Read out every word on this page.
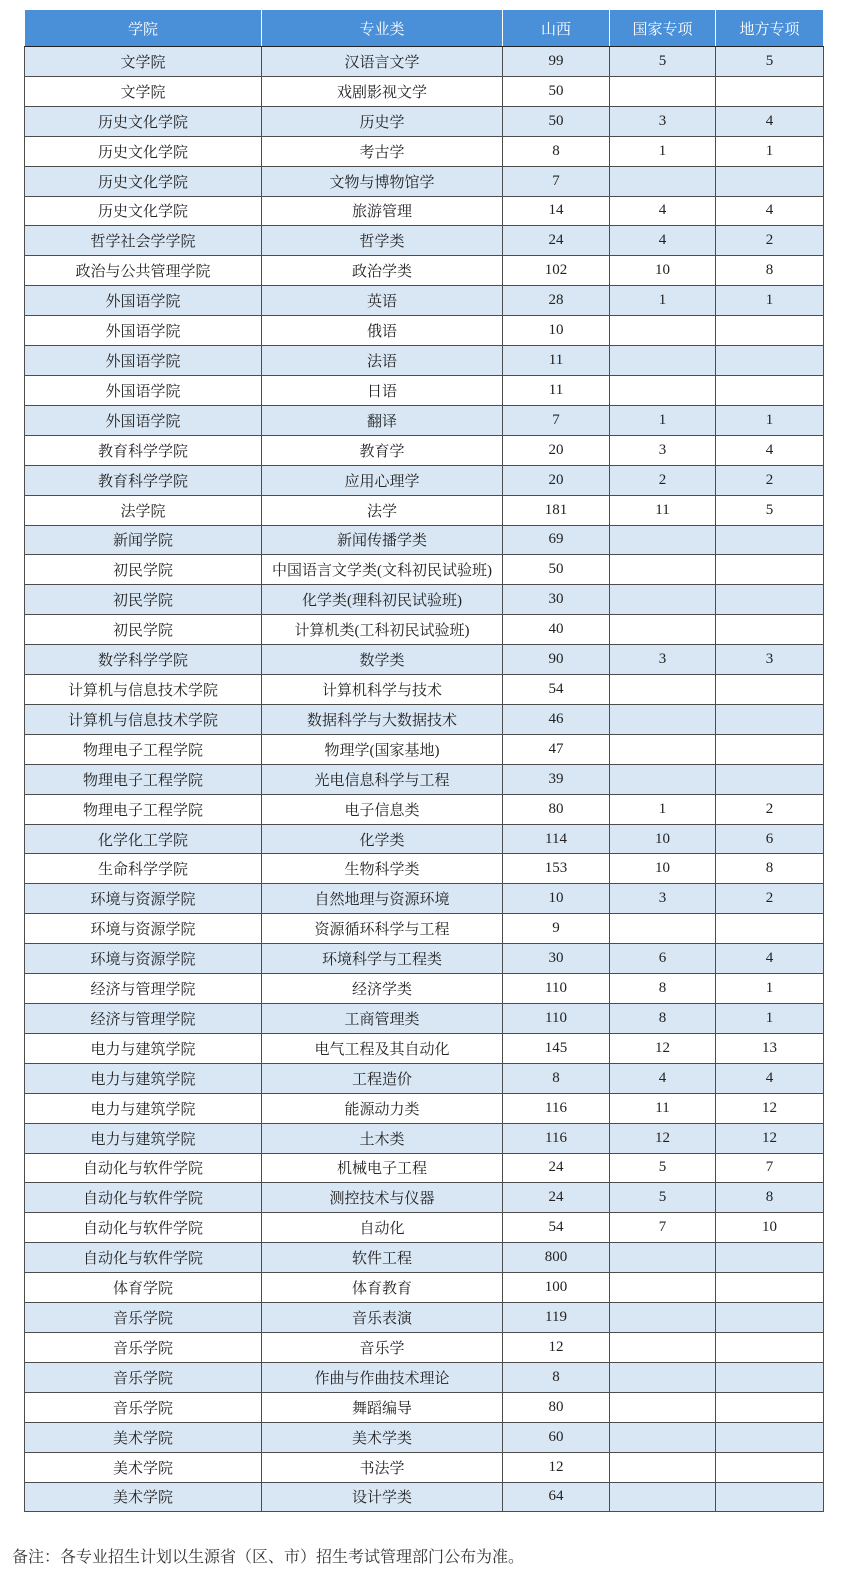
学院	专业类	山西	国家专项	地方专项
文学院	汉语言文学	99	5	5
文学院	戏剧影视文学	50		
历史文化学院	历史学	50	3	4
历史文化学院	考古学	8	1	1
历史文化学院	文物与博物馆学	7		
历史文化学院	旅游管理	14	4	4
哲学社会学学院	哲学类	24	4	2
政治与公共管理学院	政治学类	102	10	8
外国语学院	英语	28	1	1
外国语学院	俄语	10		
外国语学院	法语	11		
外国语学院	日语	11		
外国语学院	翻译	7	1	1
教育科学学院	教育学	20	3	4
教育科学学院	应用心理学	20	2	2
法学院	法学	181	11	5
新闻学院	新闻传播学类	69		
初民学院	中国语言文学类(文科初民试验班)	50		
初民学院	化学类(理科初民试验班)	30		
初民学院	计算机类(工科初民试验班)	40		
数学科学学院	数学类	90	3	3
计算机与信息技术学院	计算机科学与技术	54		
计算机与信息技术学院	数据科学与大数据技术	46		
物理电子工程学院	物理学(国家基地)	47		
物理电子工程学院	光电信息科学与工程	39		
物理电子工程学院	电子信息类	80	1	2
化学化工学院	化学类	114	10	6
生命科学学院	生物科学类	153	10	8
环境与资源学院	自然地理与资源环境	10	3	2
环境与资源学院	资源循环科学与工程	9		
环境与资源学院	环境科学与工程类	30	6	4
经济与管理学院	经济学类	110	8	1
经济与管理学院	工商管理类	110	8	1
电力与建筑学院	电气工程及其自动化	145	12	13
电力与建筑学院	工程造价	8	4	4
电力与建筑学院	能源动力类	116	11	12
电力与建筑学院	土木类	116	12	12
自动化与软件学院	机械电子工程	24	5	7
自动化与软件学院	测控技术与仪器	24	5	8
自动化与软件学院	自动化	54	7	10
自动化与软件学院	软件工程	800		
体育学院	体育教育	100		
音乐学院	音乐表演	119		
音乐学院	音乐学	12		
音乐学院	作曲与作曲技术理论	8		
音乐学院	舞蹈编导	80		
美术学院	美术学类	60		
美术学院	书法学	12		
美术学院	设计学类	64		
备注：各专业招生计划以生源省（区、市）招生考试管理部门公布为准。
